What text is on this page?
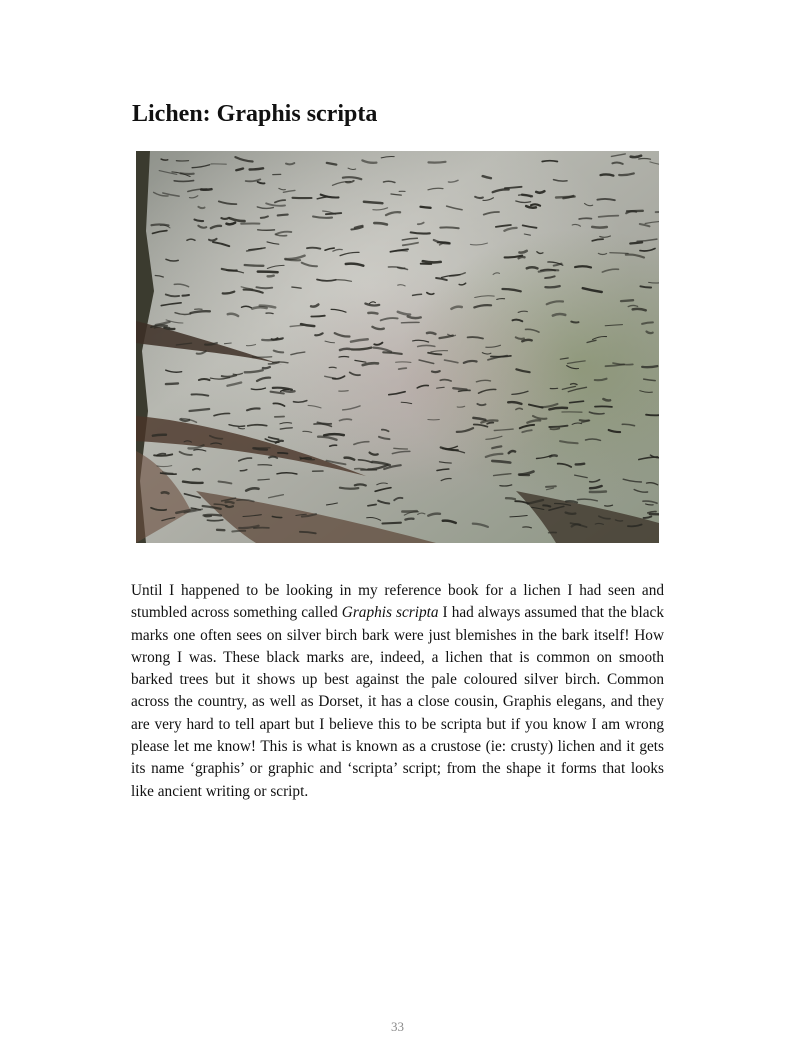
Lichen: Graphis scripta

Until I happened to be looking in my reference book for a lichen I had seen and stumbled across something called Graphis scripta I had always assumed that the black marks one often sees on silver birch bark were just blemishes in the bark itself! How wrong I was. These black marks are, indeed, a lichen that is common on smooth barked trees but it shows up best against the pale coloured silver birch. Common across the country, as well as Dorset, it has a close cousin, Graphis elegans, and they are very hard to tell apart but I believe this to be scripta but if you know I am wrong please let me know! This is what is known as a crustose (ie: crusty) lichen and it gets its name ‘graphis’ or graphic and ‘scripta’ script; from the shape it forms that looks like ancient writing or script.

33
